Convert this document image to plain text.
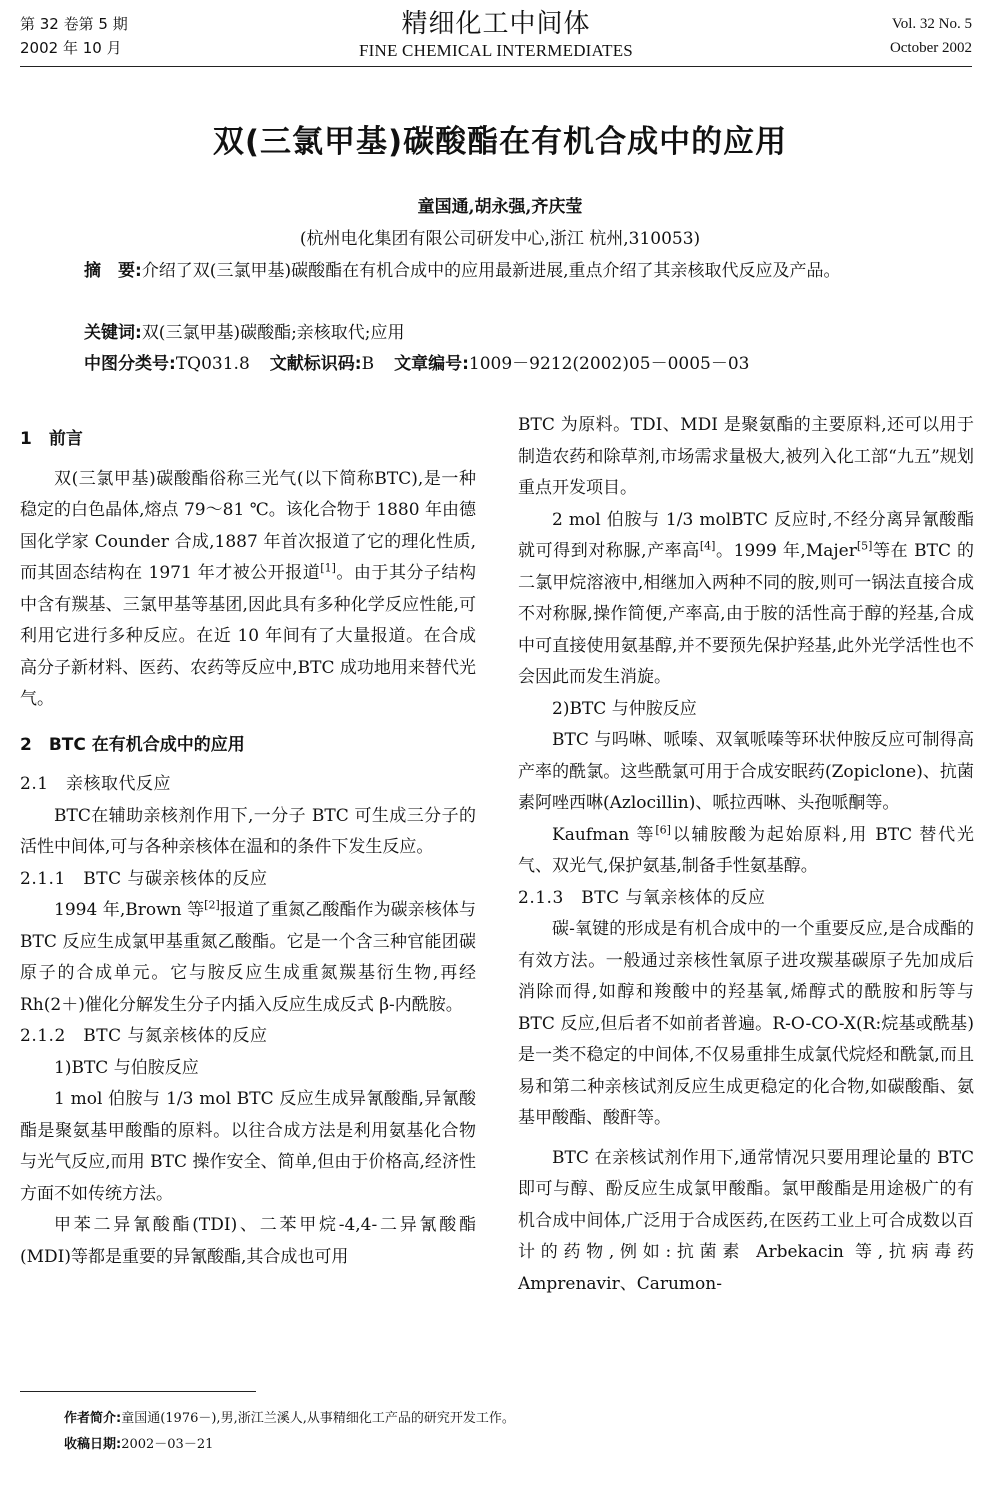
第 32 卷第 5 期
2002 年 10 月
精细化工中间体
FINE CHEMICAL INTERMEDIATES
Vol. 32 No. 5
October 2002
双(三氯甲基)碳酸酯在有机合成中的应用
童国通,胡永强,齐庆莹
(杭州电化集团有限公司研发中心,浙江 杭州,310053)
摘　要:介绍了双(三氯甲基)碳酸酯在有机合成中的应用最新进展,重点介绍了其亲核取代反应及产品。
关键词:双(三氯甲基)碳酸酯;亲核取代;应用
中图分类号:TQ031.8 文献标识码:B 文章编号:1009－9212(2002)05－0005－03

1　前言

双(三氯甲基)碳酸酯俗称三光气(以下简称BTC),是一种稳定的白色晶体,熔点 79～81 ℃。该化合物于 1880 年由德国化学家 Counder 合成,1887 年首次报道了它的理化性质,而其固态结构在 1971 年才被公开报道[1]。由于其分子结构中含有羰基、三氯甲基等基团,因此具有多种化学反应性能,可利用它进行多种反应。在近 10 年间有了大量报道。在合成高分子新材料、医药、农药等反应中,BTC 成功地用来替代光气。

2　BTC 在有机合成中的应用

2.1　亲核取代反应

BTC在辅助亲核剂作用下,一分子 BTC 可生成三分子的活性中间体,可与各种亲核体在温和的条件下发生反应。

2.1.1　BTC 与碳亲核体的反应

1994 年,Brown 等[2]报道了重氮乙酸酯作为碳亲核体与 BTC 反应生成氯甲基重氮乙酸酯。它是一个含三种官能团碳原子的合成单元。它与胺反应生成重氮羰基衍生物,再经 Rh(2＋)催化分解发生分子内插入反应生成反式 β-内酰胺。

2.1.2　BTC 与氮亲核体的反应

1)BTC 与伯胺反应

1 mol 伯胺与 1/3 mol BTC 反应生成异氰酸酯,异氰酸酯是聚氨基甲酸酯的原料。以往合成方法是利用氨基化合物与光气反应,而用 BTC 操作安全、简单,但由于价格高,经济性方面不如传统方法。

甲苯二异氰酸酯(TDI)、二苯甲烷-4,4-二异氰酸酯(MDI)等都是重要的异氰酸酯,其合成也可用

BTC 为原料。TDI、MDI 是聚氨酯的主要原料,还可以用于制造农药和除草剂,市场需求量极大,被列入化工部“九五”规划重点开发项目。

2 mol 伯胺与 1/3 molBTC 反应时,不经分离异氰酸酯就可得到对称脲,产率高[4]。1999 年,Majer[5]等在 BTC 的二氯甲烷溶液中,相继加入两种不同的胺,则可一锅法直接合成不对称脲,操作简便,产率高,由于胺的活性高于醇的羟基,合成中可直接使用氨基醇,并不要预先保护羟基,此外光学活性也不会因此而发生消旋。

2)BTC 与仲胺反应

BTC 与吗啉、哌嗪、双氧哌嗪等环状仲胺反应可制得高产率的酰氯。这些酰氯可用于合成安眠药(Zopiclone)、抗菌素阿唑西啉(Azlocillin)、哌拉西啉、头孢哌酮等。

Kaufman 等[6]以辅胺酸为起始原料,用 BTC 替代光气、双光气,保护氨基,制备手性氨基醇。

2.1.3　BTC 与氧亲核体的反应

碳-氧键的形成是有机合成中的一个重要反应,是合成酯的有效方法。一般通过亲核性氧原子进攻羰基碳原子先加成后消除而得,如醇和羧酸中的羟基氧,烯醇式的酰胺和肟等与 BTC 反应,但后者不如前者普遍。R-O-CO-X(R:烷基或酰基)是一类不稳定的中间体,不仅易重排生成氯代烷烃和酰氯,而且易和第二种亲核试剂反应生成更稳定的化合物,如碳酸酯、氨基甲酸酯、酸酐等。

BTC 在亲核试剂作用下,通常情况只要用理论量的 BTC 即可与醇、酚反应生成氯甲酸酯。氯甲酸酯是用途极广的有机合成中间体,广泛用于合成医药,在医药工业上可合成数以百计的药物,例如:抗菌素 Arbekacin 等,抗病毒药 Amprenavir、Carumon-

作者简介:童国通(1976－),男,浙江兰溪人,从事精细化工产品的研究开发工作。
收稿日期:2002－03－21
